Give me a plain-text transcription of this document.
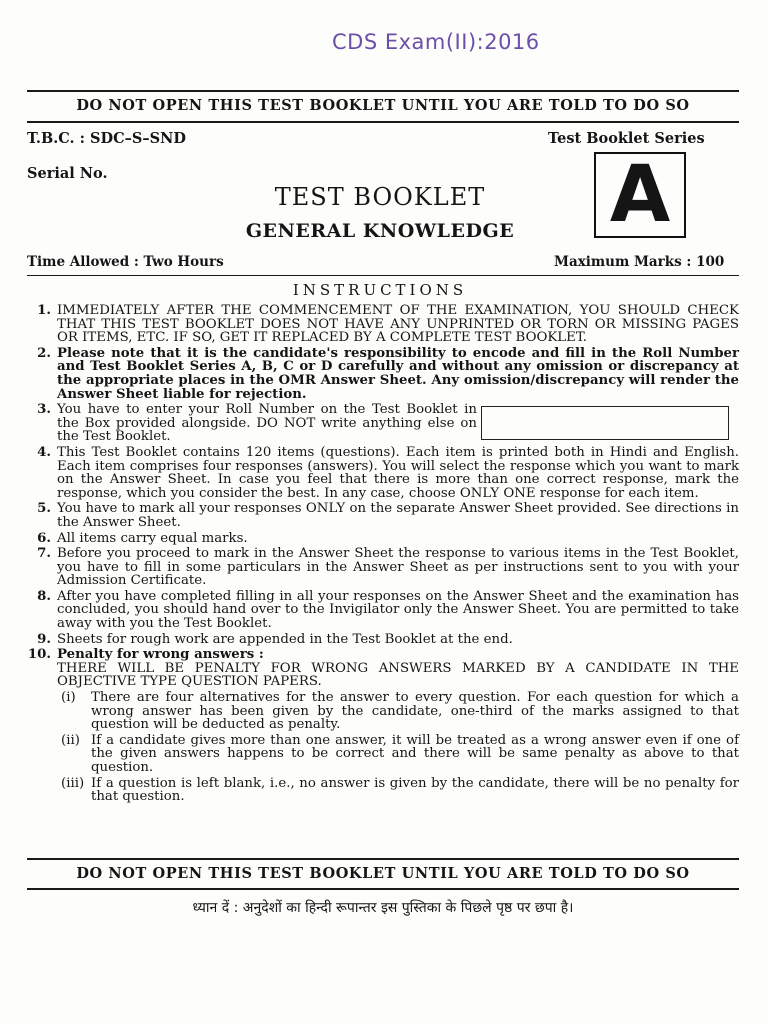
CDS Exam(II):2016
DO NOT OPEN THIS TEST BOOKLET UNTIL YOU ARE TOLD TO DO SO
T.B.C. : SDC–S–SND
Serial No.
Test Booklet Series
A
TEST BOOKLET
GENERAL KNOWLEDGE
Time Allowed : Two Hours	Maximum Marks : 100
INSTRUCTIONS
1. IMMEDIATELY AFTER THE COMMENCEMENT OF THE EXAMINATION, YOU SHOULD CHECK THAT THIS TEST BOOKLET DOES NOT HAVE ANY UNPRINTED OR TORN OR MISSING PAGES OR ITEMS, ETC. IF SO, GET IT REPLACED BY A COMPLETE TEST BOOKLET.
2. Please note that it is the candidate's responsibility to encode and fill in the Roll Number and Test Booklet Series A, B, C or D carefully and without any omission or discrepancy at the appropriate places in the OMR Answer Sheet. Any omission/discrepancy will render the Answer Sheet liable for rejection.
3. You have to enter your Roll Number on the Test Booklet in the Box provided alongside. DO NOT write anything else on the Test Booklet.
4. This Test Booklet contains 120 items (questions). Each item is printed both in Hindi and English. Each item comprises four responses (answers). You will select the response which you want to mark on the Answer Sheet. In case you feel that there is more than one correct response, mark the response, which you consider the best. In any case, choose ONLY ONE response for each item.
5. You have to mark all your responses ONLY on the separate Answer Sheet provided. See directions in the Answer Sheet.
6. All items carry equal marks.
7. Before you proceed to mark in the Answer Sheet the response to various items in the Test Booklet, you have to fill in some particulars in the Answer Sheet as per instructions sent to you with your Admission Certificate.
8. After you have completed filling in all your responses on the Answer Sheet and the examination has concluded, you should hand over to the Invigilator only the Answer Sheet. You are permitted to take away with you the Test Booklet.
9. Sheets for rough work are appended in the Test Booklet at the end.
10. Penalty for wrong answers :
THERE WILL BE PENALTY FOR WRONG ANSWERS MARKED BY A CANDIDATE IN THE OBJECTIVE TYPE QUESTION PAPERS.
(i) There are four alternatives for the answer to every question. For each question for which a wrong answer has been given by the candidate, one-third of the marks assigned to that question will be deducted as penalty.
(ii) If a candidate gives more than one answer, it will be treated as a wrong answer even if one of the given answers happens to be correct and there will be same penalty as above to that question.
(iii) If a question is left blank, i.e., no answer is given by the candidate, there will be no penalty for that question.
DO NOT OPEN THIS TEST BOOKLET UNTIL YOU ARE TOLD TO DO SO
ध्यान दें : अनुदेशों का हिन्दी रूपान्तर इस पुस्तिका के पिछले पृष्ठ पर छपा है।
